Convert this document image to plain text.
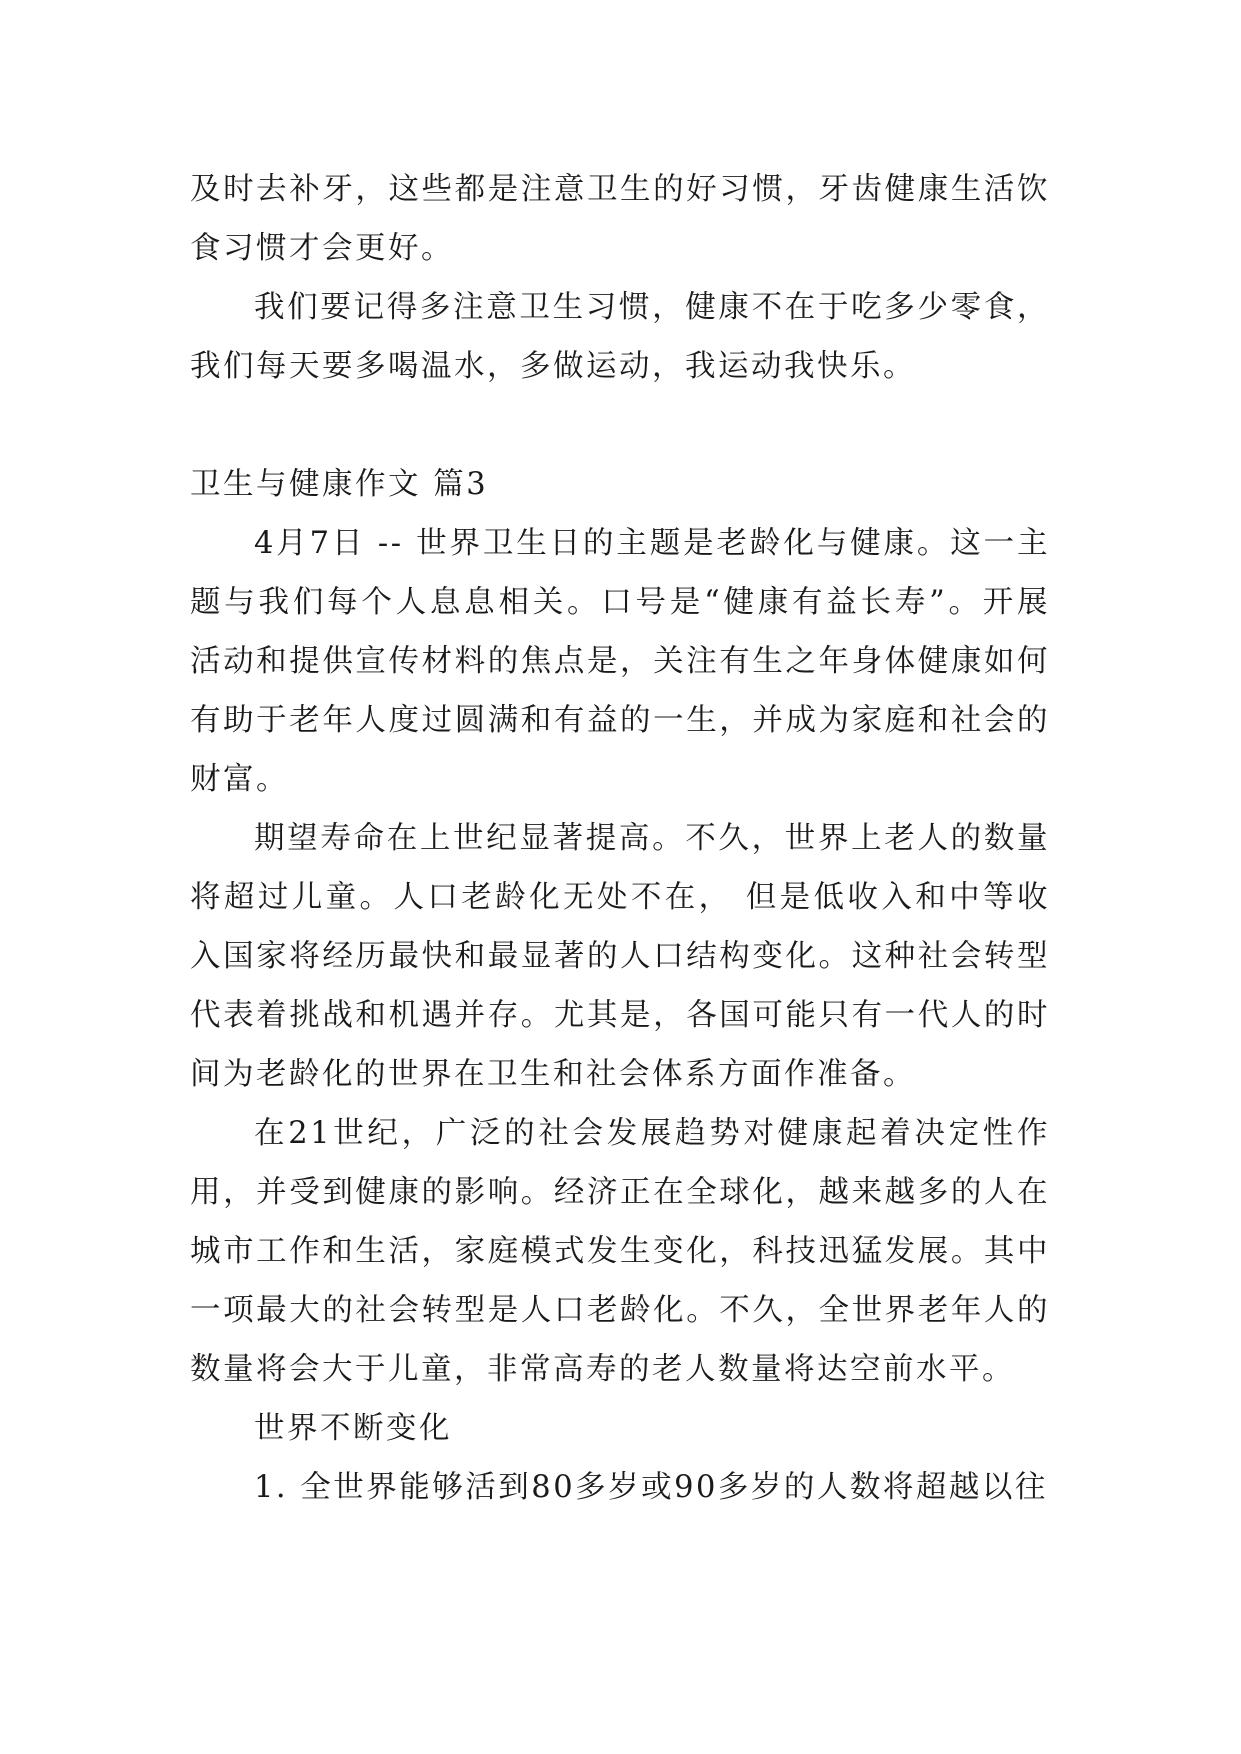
及时去补牙，这些都是注意卫生的好习惯，牙齿健康生活饮食习惯才会更好。

我们要记得多注意卫生习惯，健康不在于吃多少零食，我们每天要多喝温水，多做运动，我运动我快乐。

卫生与健康作文 篇3

4月7日 -- 世界卫生日的主题是老龄化与健康。这一主题与我们每个人息息相关。口号是“健康有益长寿”。开展活动和提供宣传材料的焦点是，关注有生之年身体健康如何有助于老年人度过圆满和有益的一生，并成为家庭和社会的财富。

期望寿命在上世纪显著提高。不久，世界上老人的数量将超过儿童。人口老龄化无处不在， 但是低收入和中等收入国家将经历最快和最显著的人口结构变化。这种社会转型代表着挑战和机遇并存。尤其是，各国可能只有一代人的时间为老龄化的世界在卫生和社会体系方面作准备。

在21世纪，广泛的社会发展趋势对健康起着决定性作用，并受到健康的影响。经济正在全球化，越来越多的人在城市工作和生活，家庭模式发生变化，科技迅猛发展。其中一项最大的社会转型是人口老龄化。不久，全世界老年人的数量将会大于儿童，非常高寿的老人数量将达空前水平。

世界不断变化

1. 全世界能够活到80多岁或90多岁的人数将超越以往
